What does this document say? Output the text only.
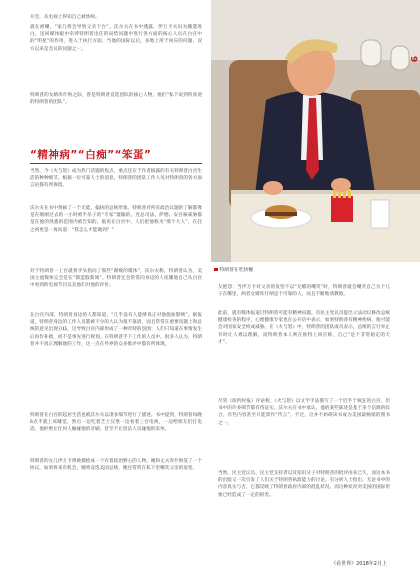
开会，从电视上得知自己被炒鲟。

就在被嘲，“家几将会导致父亲下台”。沃尔夫在书中透露，伊万卡夫妇为搬遣进白，送回媒体眼中牵涉特朗普出任的局势问题中进行各方面的核心人员在白宫中的“明星”的作用，进入于执行方面，当他的国际以后，多地上用于回应的问题，双方以来是会议的问题之一。

特朗普的女婿库什纳之际，曾是特朗普竞选团队的核心人物，他们“私下说到所欢迎的特朗普的团队”。

“精神病”“白痴”“笨蛋”

当然，今《火与怒》成为热门话题的焦点，重点还在于作者披露的有关特朗普白宫生活的种种细节。根据一位可靠人士的消息，特朗普的团队工作人员对特朗普的各方面言论都有所保留。

沃尔夫在书中刻画了一个无能、偏执的总统形象。特朗普对所有政治议题的了解都像是在刚刚过去的一小时被半吊子的“专家”灌输的，连总司法、萨德、安宫核威胁都是在他的熟悉的范围内被告知的。据说在白宫中，人们把他称为“那个大人”，在任之初更是一再问道：“我怎么才能做到？”

对于特朗普一上台就将矛头指向了那些“腐败的媒体”，沃尔夫称，特朗普认为，美国主流媒体完全是在“制造假新闻”。特朗普还会常常向身边的人炫耀他自己从白宫中看到的电视节目以及他们对他的评价。

在白宫内部，特朗普身边的人都知道，“几乎没有人能够真正对他施加影响”。据报道，特朗普身边的工作人员都被不少的人认为很不靠谱，而且常常在重要问题上和总统的意见出现分歧，这导致白宫内部形成了一种奇特的氛围：人们只知道在事情发生后再作补救，而不是事先进行规划。在特朗普手下工作的人员中，很多人认为，特朗普并不真正理解他的工作，这一点在外界的众多批评中都有所体现。

特朗普在白宫的起居生活也被沃尔夫以诸多细节进行了描述。书中提到，特朗普每晚6点半就上床睡觉，然后一边吃着芝士汉堡一边看着三台电视，一边给朋友们打电话。他拒绝让任何人触碰他的牙刷，甚至不让清洁人员碰他的床单。

特朗普的女儿伊万卡则被描绘成一个有着政治野心的人物。她和丈夫库什纳签了一个协议，如果将来有机会，她将竞选美国总统。她还常常在私下里嘲笑父亲的发型。

特朗普在吃快餐

友抱怨：当伊万卡对父亲的发型不以“无稽的嘲笑”时，特朗普就会嘲笑自己为个儿子在哪里，两者女婿库什纳是个可靠的人，而且不断地请教他。

此前，就有媒体报道过特朗普可能有精神问题。有民主党议员提出立法动议修改总统健康检查的程序，心理健康专家也在公开信中表示，如果特朗普有精神疾病，他可能会对国家安全构成威胁。在《火与怒》中，特朗普的团队成员表示，总统的言行举止有时让人难以理解，而特朗普本人则在推特上回应称，自己“是个非常稳定的天才”。

尽管《纽约时报》评论称，《火与怒》以文学手法描写了一个近乎于疯狂的白宫，但书中的许多细节都有待证实。沃尔夫在书中承认，他的某些陈述是基于多个信源的综合，有些内容甚至只能算作“传言”。不过，这并不妨碍该书成为美国最畅销的图书之一。

当然，民主党议员、民主党支持者以及知识分子对特朗普的批评由来已久，而这本书的出版又一次引发了人们关于特朗普执政能力的讨论。有分析人士指出，无论书中的内容真实与否，它都反映了特朗普政府内部的混乱状况，而这种状况对美国的国际形象已经造成了一定的损害。

《看世界》2018年2月上
9
